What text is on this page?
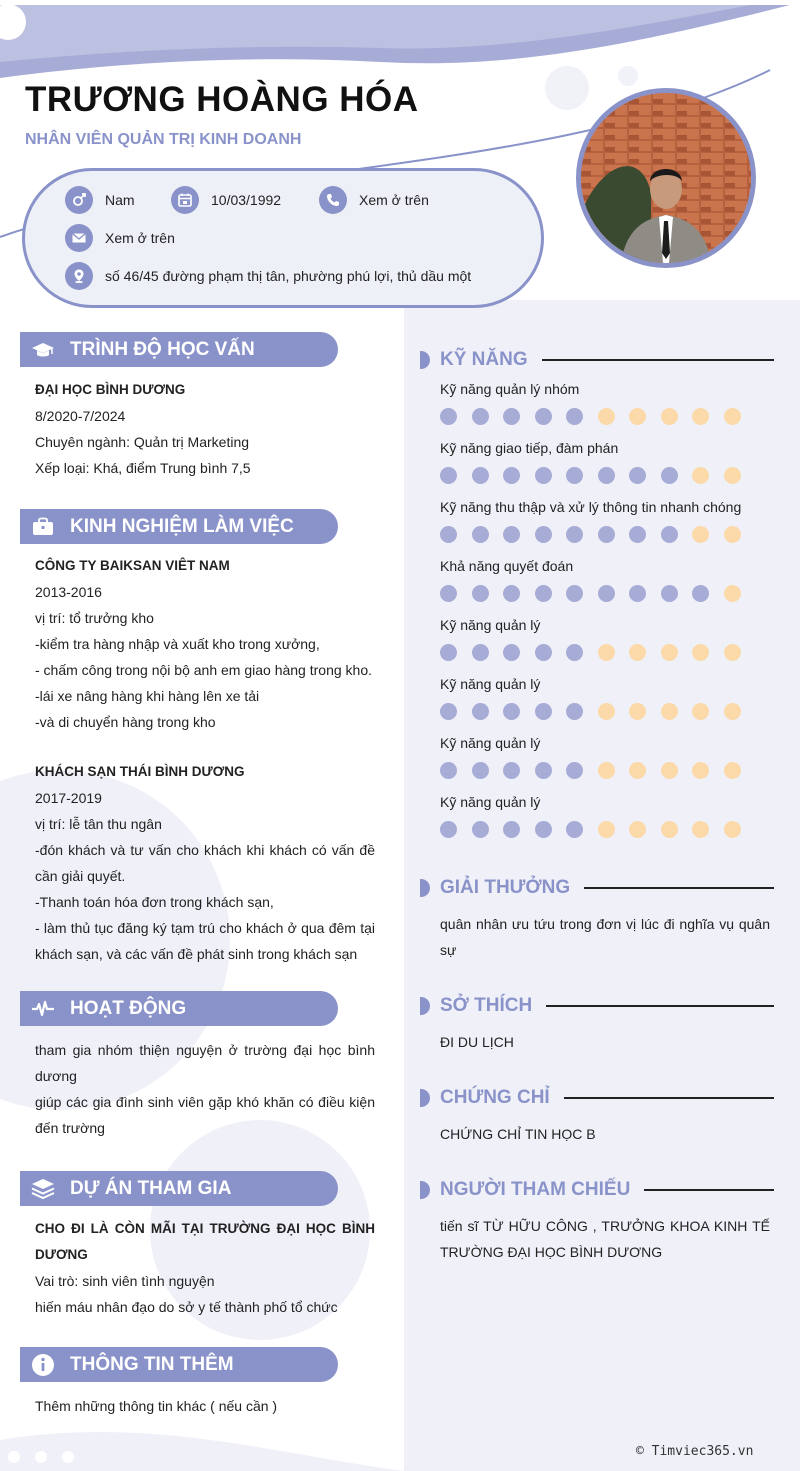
TRƯƠNG HOÀNG HÓA
NHÂN VIÊN QUẢN TRỊ KINH DOANH
Nam	10/03/1992	Xem ở trên
Xem ở trên
số 46/45 đường phạm thị tân, phường phú lợi, thủ dầu một
TRÌNH ĐỘ HỌC VẤN
ĐẠI HỌC BÌNH DƯƠNG
8/2020-7/2024
Chuyên ngành: Quản trị Marketing
Xếp loại: Khá, điểm Trung bình 7,5
KINH NGHIỆM LÀM VIỆC
CÔNG TY BAIKSAN VIÊT NAM
2013-2016
vị trí: tổ trưởng kho
-kiểm tra hàng nhập và xuất kho trong xưởng,
- chấm công trong nội bộ anh em giao hàng trong kho.
-lái xe nâng hàng khi hàng lên xe tải
-và di chuyển hàng trong kho
KHÁCH SẠN THÁI BÌNH DƯƠNG
2017-2019
vị trí: lễ tân thu ngân
-đón khách và tư vấn cho khách khi khách có vấn đề cần giải quyết.
-Thanh toán hóa đơn trong khách sạn,
- làm thủ tục đăng ký tạm trú cho khách ở qua đêm tại khách sạn, và các vấn đề phát sinh trong khách sạn
HOẠT ĐỘNG
tham gia nhóm thiện nguyện ở trường đại học bình dương
giúp các gia đình sinh viên gặp khó khăn có điều kiện đến trường
DỰ ÁN THAM GIA
CHO ĐI LÀ CÒN MÃI TẠI TRƯỜNG ĐẠI HỌC BÌNH DƯƠNG
Vai trò: sinh viên tình nguyện
hiến máu nhân đạo do sở y tế thành phố tổ chức
THÔNG TIN THÊM
Thêm những thông tin khác ( nếu cần )
KỸ NĂNG
Kỹ năng quản lý nhóm
Kỹ năng giao tiếp, đàm phán
Kỹ năng thu thập và xử lý thông tin nhanh chóng
Khả năng quyết đoán
Kỹ năng quản lý
Kỹ năng quản lý
Kỹ năng quản lý
Kỹ năng quản lý
GIẢI THƯỞNG
quân nhân ưu tứu trong đơn vị lúc đi nghĩa vụ quân sự
SỞ THÍCH
ĐI DU LỊCH
CHỨNG CHỈ
CHỨNG CHỈ TIN HỌC B
NGƯỜI THAM CHIẾU
tiến sĩ TỪ HỮU CÔNG , TRƯỞNG KHOA KINH TẾ TRƯỜNG ĐẠI HỌC BÌNH DƯƠNG
© Timviec365.vn
